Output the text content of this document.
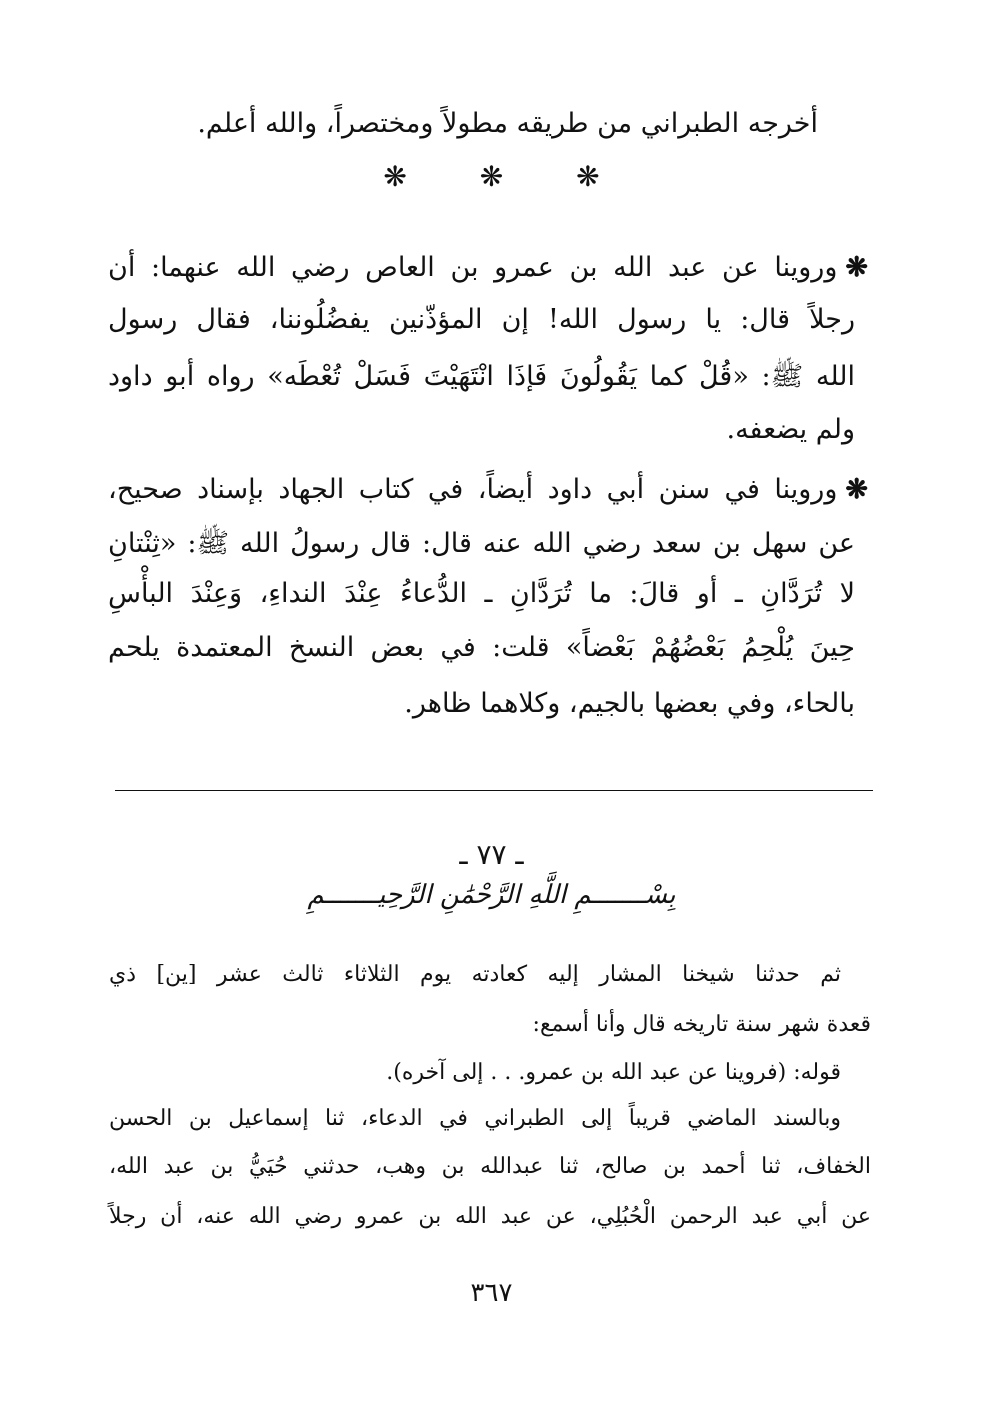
أخرجه الطبراني من طريقه مطولاً ومختصراً، والله أعلم.
❋	❋	❋
❋وروينا عن عبد الله بن عمرو بن العاص رضي الله عنهما: أن
رجلاً قال: يا رسول الله! إن المؤذّنين يفضُلُوننا، فقال رسول
الله ﷺ: «قُلْ كما يَقُولُونَ فَإذَا انْتَهَيْتَ فَسَلْ تُعْطَه» رواه أبو داود
ولم يضعفه.
❋وروينا في سنن أبي داود أيضاً، في كتاب الجهاد بإسناد صحيح،
عن سهل بن سعد رضي الله عنه قال: قال رسولُ الله ﷺ: «ثِنْتانِ
لا تُرَدَّانِ ـ أو قالَ: ما تُرَدَّانِ ـ الدُّعاءُ عِنْدَ النداءِ، وَعِنْدَ البأْسِ
حِينَ يُلْحِمُ بَعْضُهُمْ بَعْضاً» قلت: في بعض النسخ المعتمدة يلحم
بالحاء، وفي بعضها بالجيم، وكلاهما ظاهر.
ـ ٧٧ ـ
بِسْـــــــمِ اللَّهِ الرَّحْمَٰنِ الرَّحِيـــــــمِ
ثم حدثنا شيخنا المشار إليه كعادته يوم الثلاثاء ثالث عشر [ين] ذي
قعدة شهر سنة تاريخه قال وأنا أسمع:
قوله: (فروينا عن عبد الله بن عمرو. . . إلى آخره).
وبالسند الماضي قريباً إلى الطبراني في الدعاء، ثنا إسماعيل بن الحسن
الخفاف، ثنا أحمد بن صالح، ثنا عبدالله بن وهب، حدثني حُيَيُّ بن عبد الله،
عن أبي عبد الرحمن الْحُبُلِي، عن عبد الله بن عمرو رضي الله عنه، أن رجلاً
٣٦٧
